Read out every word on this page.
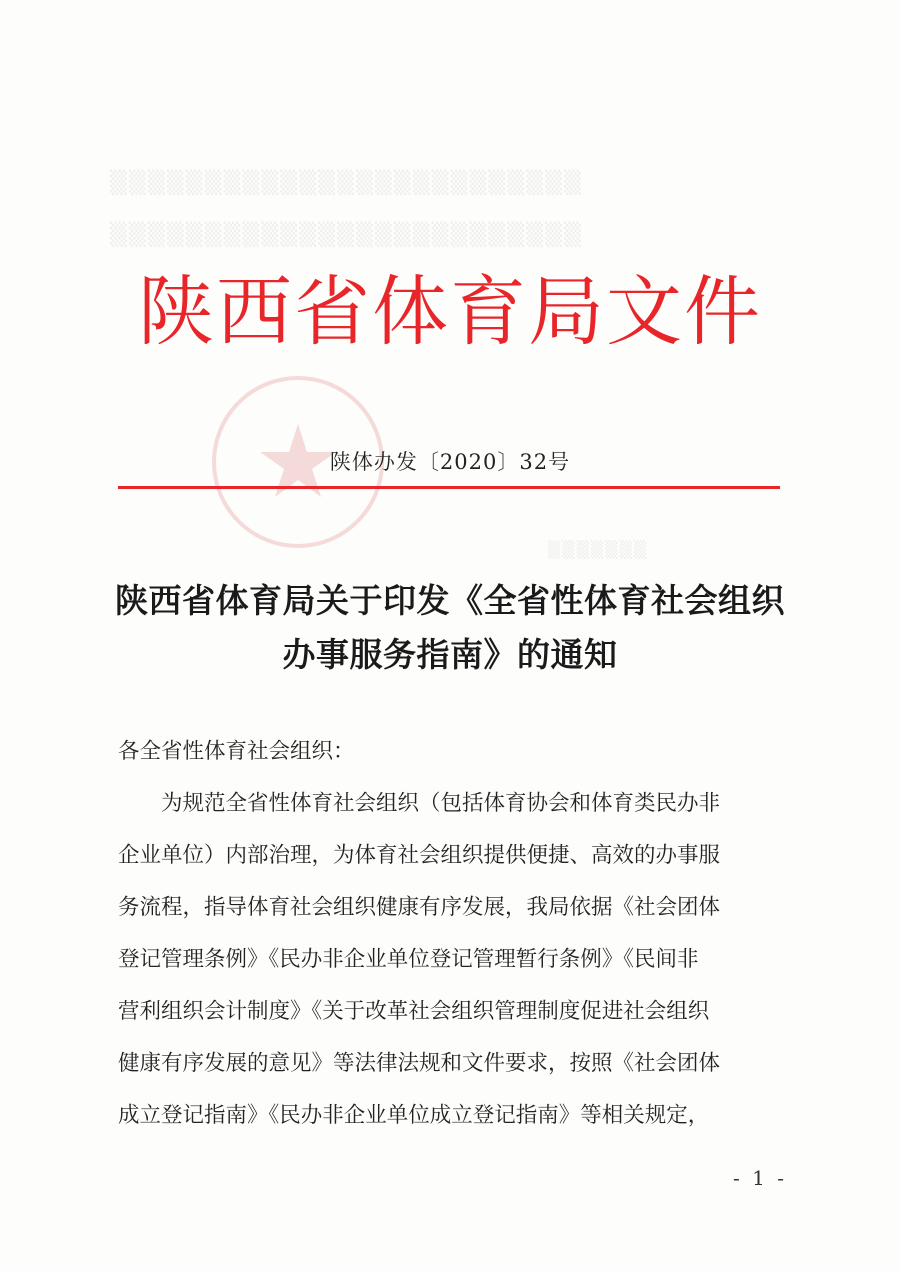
▒▒▒▒▒▒▒▒▒▒▒▒▒▒▒▒▒▒▒▒▒▒▒▒▒
▒▒▒▒▒▒▒▒▒▒▒▒▒▒▒▒▒▒▒▒▒▒▒▒▒
▒▒▒▒▒▒▒
陕西省体育局文件
陕体办发〔2020〕32号
陕西省体育局关于印发《全省性体育社会组织
办事服务指南》的通知
各全省性体育社会组织：
为规范全省性体育社会组织（包括体育协会和体育类民办非
企业单位）内部治理，为体育社会组织提供便捷、高效的办事服
务流程，指导体育社会组织健康有序发展，我局依据《社会团体
登记管理条例》《民办非企业单位登记管理暂行条例》《民间非
营利组织会计制度》《关于改革社会组织管理制度促进社会组织
健康有序发展的意见》等法律法规和文件要求，按照《社会团体
成立登记指南》《民办非企业单位成立登记指南》等相关规定，
- 1 -
